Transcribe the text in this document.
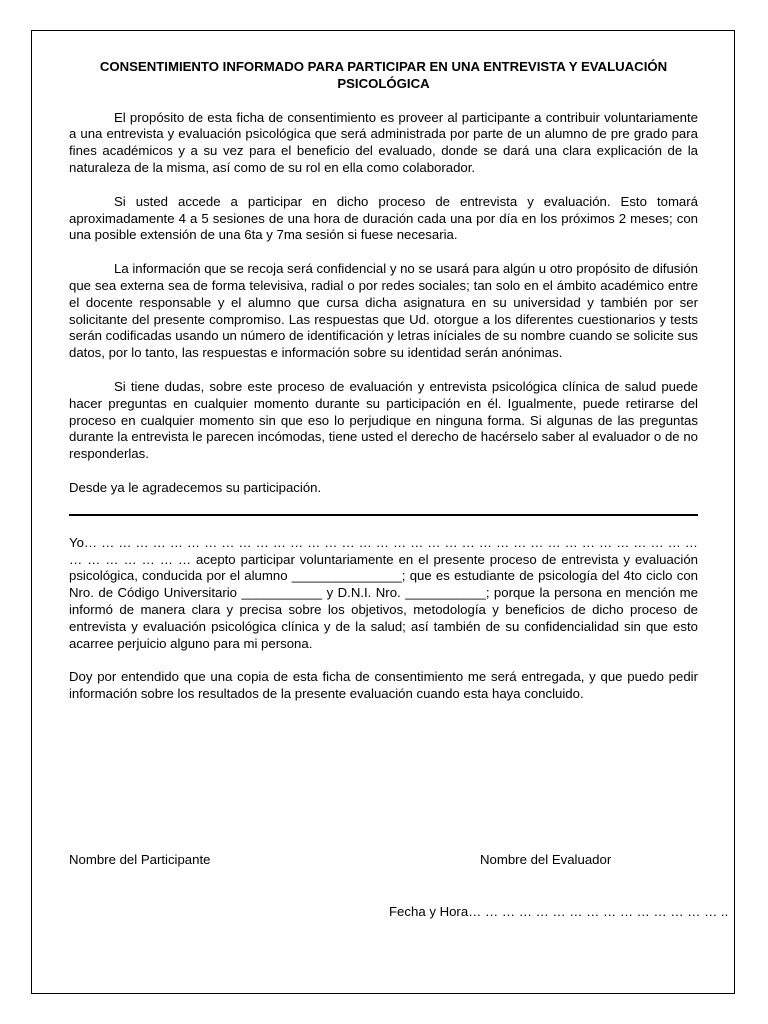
CONSENTIMIENTO INFORMADO PARA PARTICIPAR EN UNA ENTREVISTA Y EVALUACIÓN PSICOLÓGICA

El propósito de esta ficha de consentimiento es proveer al participante a contribuir voluntariamente a una entrevista y evaluación psicológica que será administrada por parte de un alumno de pre grado para fines académicos y a su vez para el beneficio del evaluado, donde se dará una clara explicación de la naturaleza de la misma, así como de su rol en ella como colaborador.

Si usted accede a participar en dicho proceso de entrevista y evaluación. Esto tomará aproximadamente 4 a 5 sesiones de una hora de duración cada una por día en los próximos 2 meses; con una posible extensión de una 6ta y 7ma sesión si fuese necesaria.

La información que se recoja será confidencial y no se usará para algún u otro propósito de difusión que sea externa sea de forma televisiva, radial o por redes sociales; tan solo en el ámbito académico entre el docente responsable y el alumno que cursa dicha asignatura en su universidad y también por ser solicitante del presente compromiso. Las respuestas que Ud. otorgue a los diferentes cuestionarios y tests serán codificadas usando un número de identificación y letras iníciales de su nombre cuando se solicite sus datos, por lo tanto, las respuestas e información sobre su identidad serán anónimas.

Si tiene dudas, sobre este proceso de evaluación y entrevista psicológica clínica de salud puede hacer preguntas en cualquier momento durante su participación en él. Igualmente, puede retirarse del proceso en cualquier momento sin que eso lo perjudique en ninguna forma. Si algunas de las preguntas durante la entrevista le parecen incómodas, tiene usted el derecho de hacérselo saber al evaluador o de no responderlas.

Desde ya le agradecemos su participación.

Yo… … … … … … … … … … … … … … … … … … … … … … … … … … … … … … … … … … … … … … … … … … … acepto participar voluntariamente en el presente proceso de entrevista y evaluación psicológica, conducida por el alumno _______________; que es estudiante de psicología del 4to ciclo con Nro. de Código Universitario ___________ y D.N.I. Nro. ___________; porque la persona en mención me informó de manera clara y precisa sobre los objetivos, metodología y beneficios de dicho proceso de entrevista y evaluación psicológica clínica y de la salud; así también de su confidencialidad sin que esto acarree perjuicio alguno para mi persona.

Doy por entendido que una copia de esta ficha de consentimiento me será entregada, y que puedo pedir información sobre los resultados de la presente evaluación cuando esta haya concluido.

Nombre del Participante	Nombre del Evaluador
Fecha y Hora… … … … … … … … … … … … … … … ..
